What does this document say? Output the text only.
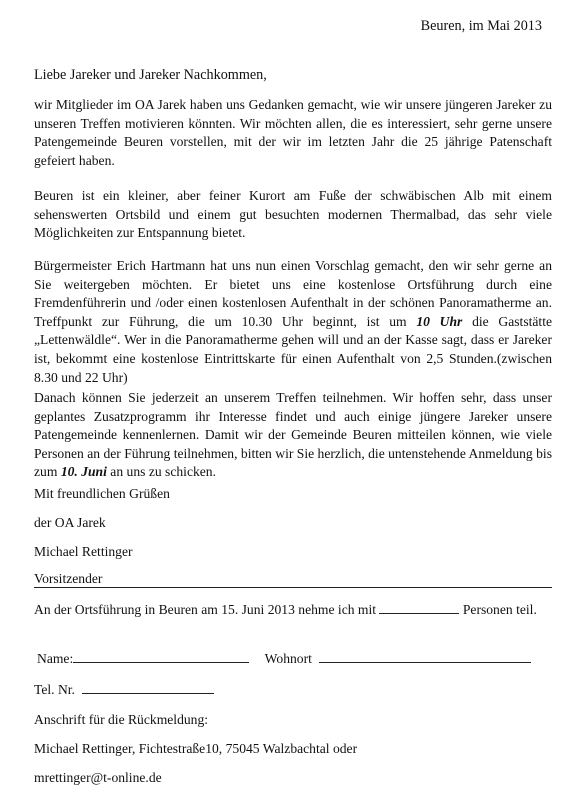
Beuren, im Mai 2013
Liebe Jareker und Jareker Nachkommen,

wir Mitglieder im OA Jarek haben uns Gedanken gemacht, wie wir unsere jüngeren Jareker zu unseren Treffen motivieren könnten. Wir möchten allen, die es interessiert, sehr gerne unsere Patengemeinde Beuren vorstellen, mit der wir im letzten Jahr die 25 jährige Patenschaft gefeiert haben.

Beuren ist ein kleiner, aber feiner Kurort am Fuße der schwäbischen Alb mit einem sehenswerten Ortsbild und einem gut besuchten modernen Thermalbad, das sehr viele Möglichkeiten zur Entspannung bietet.

Bürgermeister Erich Hartmann hat uns nun einen Vorschlag gemacht, den wir sehr gerne an Sie weitergeben möchten. Er bietet uns eine kostenlose Ortsführung durch eine Fremdenführerin und /oder einen kostenlosen Aufenthalt in der schönen Panoramatherme an. Treffpunkt zur Führung, die um 10.30 Uhr beginnt, ist um 10 Uhr die Gaststätte „Lettenwäldle“. Wer in die Panoramatherme gehen will und an der Kasse sagt, dass er Jareker ist, bekommt eine kostenlose Eintrittskarte für einen Aufenthalt von 2,5 Stunden.(zwischen 8.30 und 22 Uhr)

Danach können Sie jederzeit an unserem Treffen teilnehmen. Wir hoffen sehr, dass unser geplantes Zusatzprogramm ihr Interesse findet und auch einige jüngere Jareker unsere Patengemeinde kennenlernen. Damit wir der Gemeinde Beuren mitteilen können, wie viele Personen an der Führung teilnehmen, bitten wir Sie herzlich, die untenstehende Anmeldung bis zum 10. Juni an uns zu schicken.

Mit freundlichen Grüßen
der OA Jarek
Michael Rettinger
Vorsitzender
An der Ortsführung in Beuren am 15. Juni 2013 nehme ich mit	Personen teil.
Name:	Wohnort
Tel. Nr.
Anschrift für die Rückmeldung:
Michael Rettinger, Fichtestraße10, 75045 Walzbachtal oder
mrettinger@t-online.de
